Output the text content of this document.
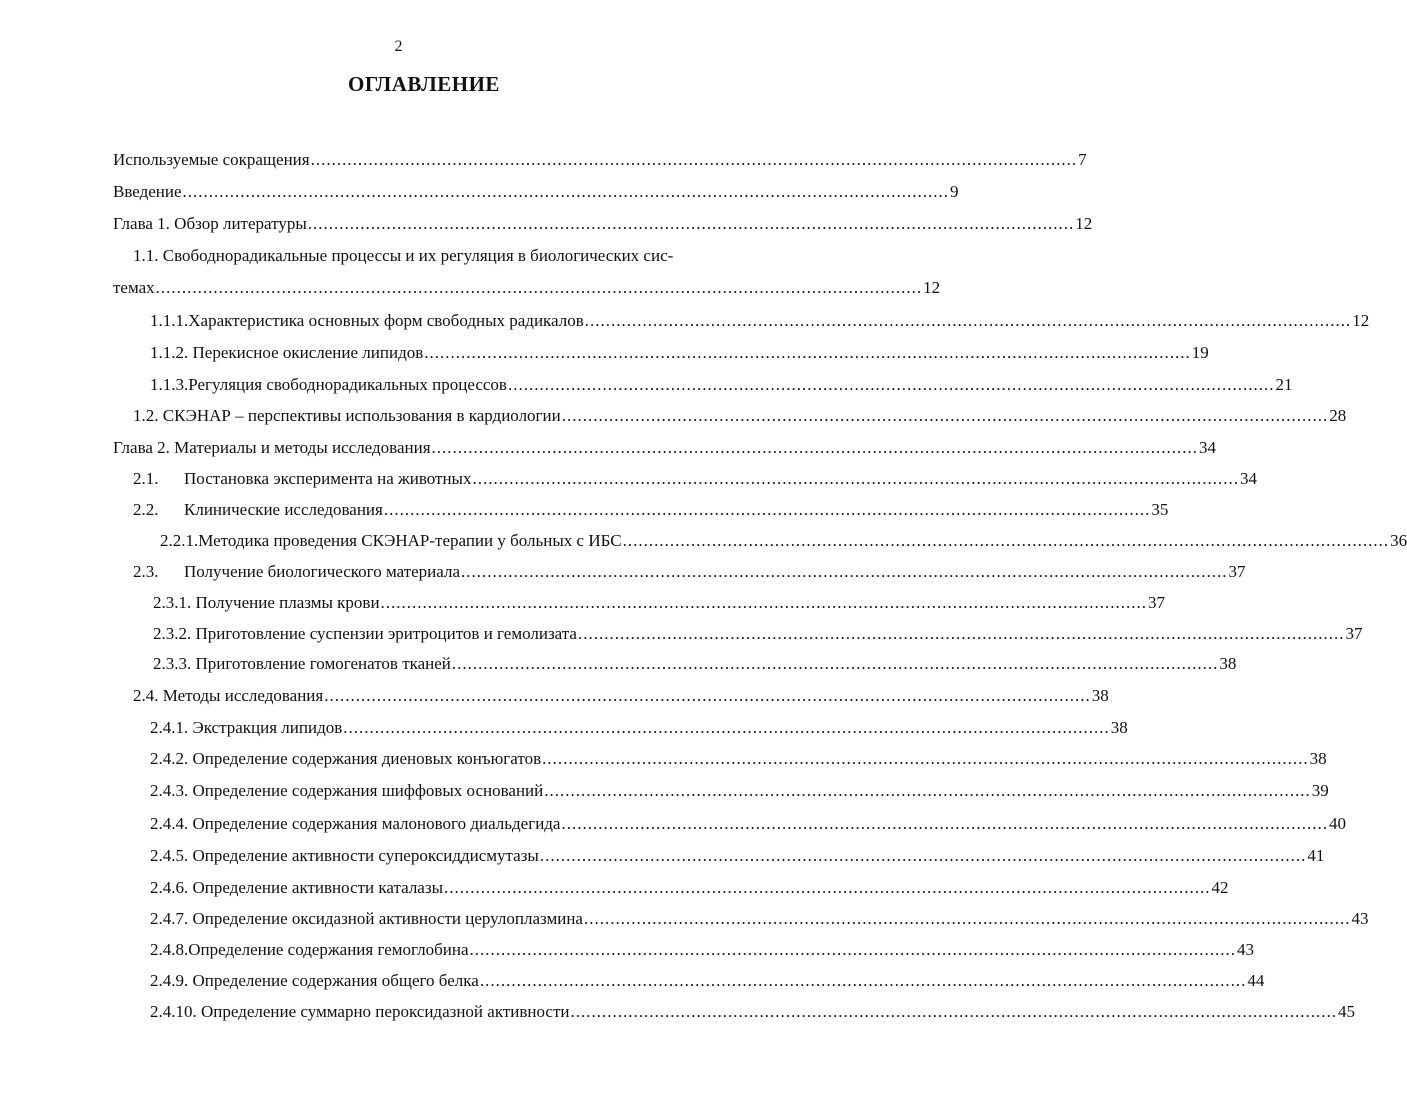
2
ОГЛАВЛЕНИЕ
Используемые сокращения .................................................................................................................................................. 7
Введение .................................................................................................................................................. 9
Глава 1. Обзор литературы .................................................................................................................................................. 12
1.1. Свободнорадикальные процессы и их регуляция в биологических сис-
темах .................................................................................................................................................. 12
1.1.1.Характеристика основных форм свободных радикалов .................................................................................................................................................. 12
1.1.2. Перекисное окисление липидов .................................................................................................................................................. 19
1.1.3.Регуляция свободнорадикальных процессов .................................................................................................................................................. 21
1.2. СКЭНАР – перспективы использования в кардиологии .................................................................................................................................................. 28
Глава 2. Материалы и методы исследования .................................................................................................................................................. 34
2.1.      Постановка эксперимента на животных .................................................................................................................................................. 34
2.2.      Клинические исследования .................................................................................................................................................. 35
2.2.1.Методика проведения СКЭНАР-терапии у больных с ИБС .................................................................................................................................................. 36
2.3.      Получение биологического материала .................................................................................................................................................. 37
2.3.1. Получение плазмы крови .................................................................................................................................................. 37
2.3.2. Приготовление суспензии эритроцитов и гемолизата .................................................................................................................................................. 37
2.3.3. Приготовление гомогенатов тканей .................................................................................................................................................. 38
2.4. Методы исследования .................................................................................................................................................. 38
2.4.1. Экстракция липидов .................................................................................................................................................. 38
2.4.2. Определение содержания диеновых конъюгатов .................................................................................................................................................. 38
2.4.3. Определение содержания шиффовых оснований .................................................................................................................................................. 39
2.4.4. Определение содержания малонового диальдегида .................................................................................................................................................. 40
2.4.5. Определение активности супероксиддисмутазы .................................................................................................................................................. 41
2.4.6. Определение активности каталазы .................................................................................................................................................. 42
2.4.7. Определение оксидазной активности церулоплазмина .................................................................................................................................................. 43
2.4.8.Определение содержания гемоглобина .................................................................................................................................................. 43
2.4.9. Определение содержания общего белка .................................................................................................................................................. 44
2.4.10. Определение суммарно пероксидазной активности .................................................................................................................................................. 45
